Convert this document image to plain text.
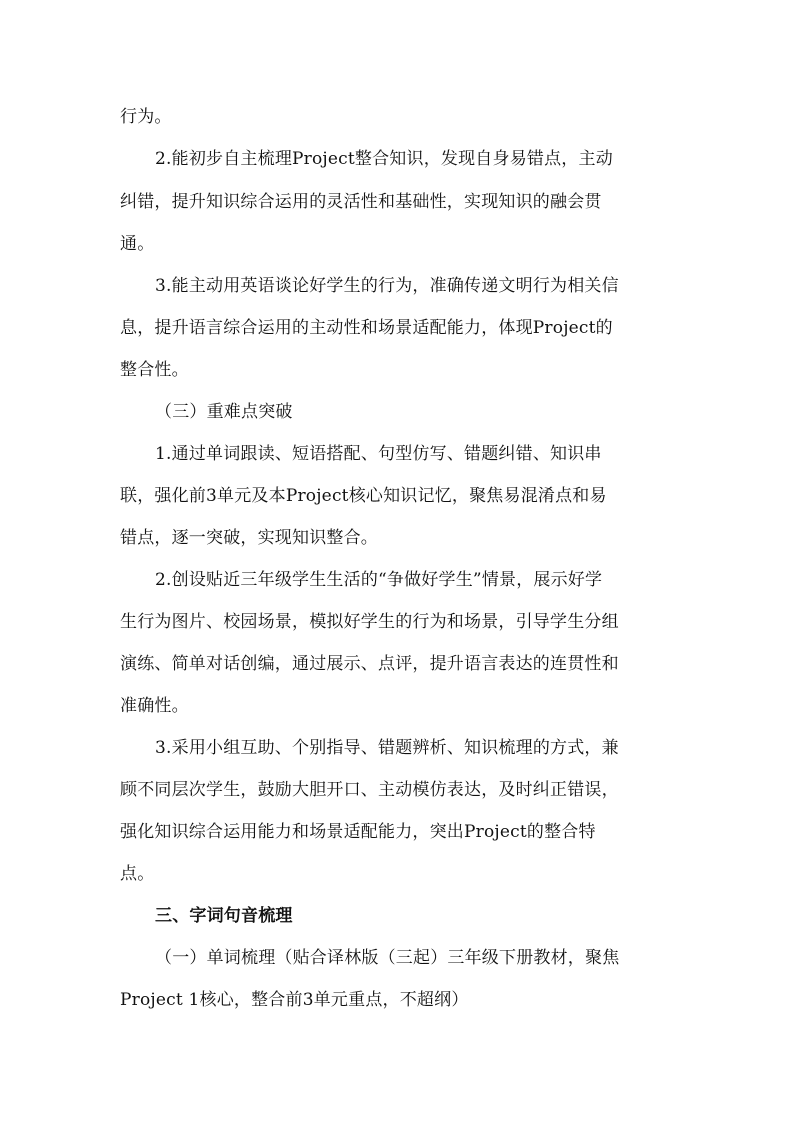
行为。
2.能初步自主梳理Project整合知识，发现自身易错点，主动
纠错，提升知识综合运用的灵活性和基础性，实现知识的融会贯
通。
3.能主动用英语谈论好学生的行为，准确传递文明行为相关信
息，提升语言综合运用的主动性和场景适配能力，体现Project的
整合性。
（三）重难点突破
1.通过单词跟读、短语搭配、句型仿写、错题纠错、知识串
联，强化前3单元及本Project核心知识记忆，聚焦易混淆点和易
错点，逐一突破，实现知识整合。
2.创设贴近三年级学生生活的“争做好学生”情景，展示好学
生行为图片、校园场景，模拟好学生的行为和场景，引导学生分组
演练、简单对话创编，通过展示、点评，提升语言表达的连贯性和
准确性。
3.采用小组互助、个别指导、错题辨析、知识梳理的方式，兼
顾不同层次学生，鼓励大胆开口、主动模仿表达，及时纠正错误，
强化知识综合运用能力和场景适配能力，突出Project的整合特
点。
三、字词句音梳理
（一）单词梳理（贴合译林版（三起）三年级下册教材，聚焦
Project 1核心，整合前3单元重点，不超纲）
